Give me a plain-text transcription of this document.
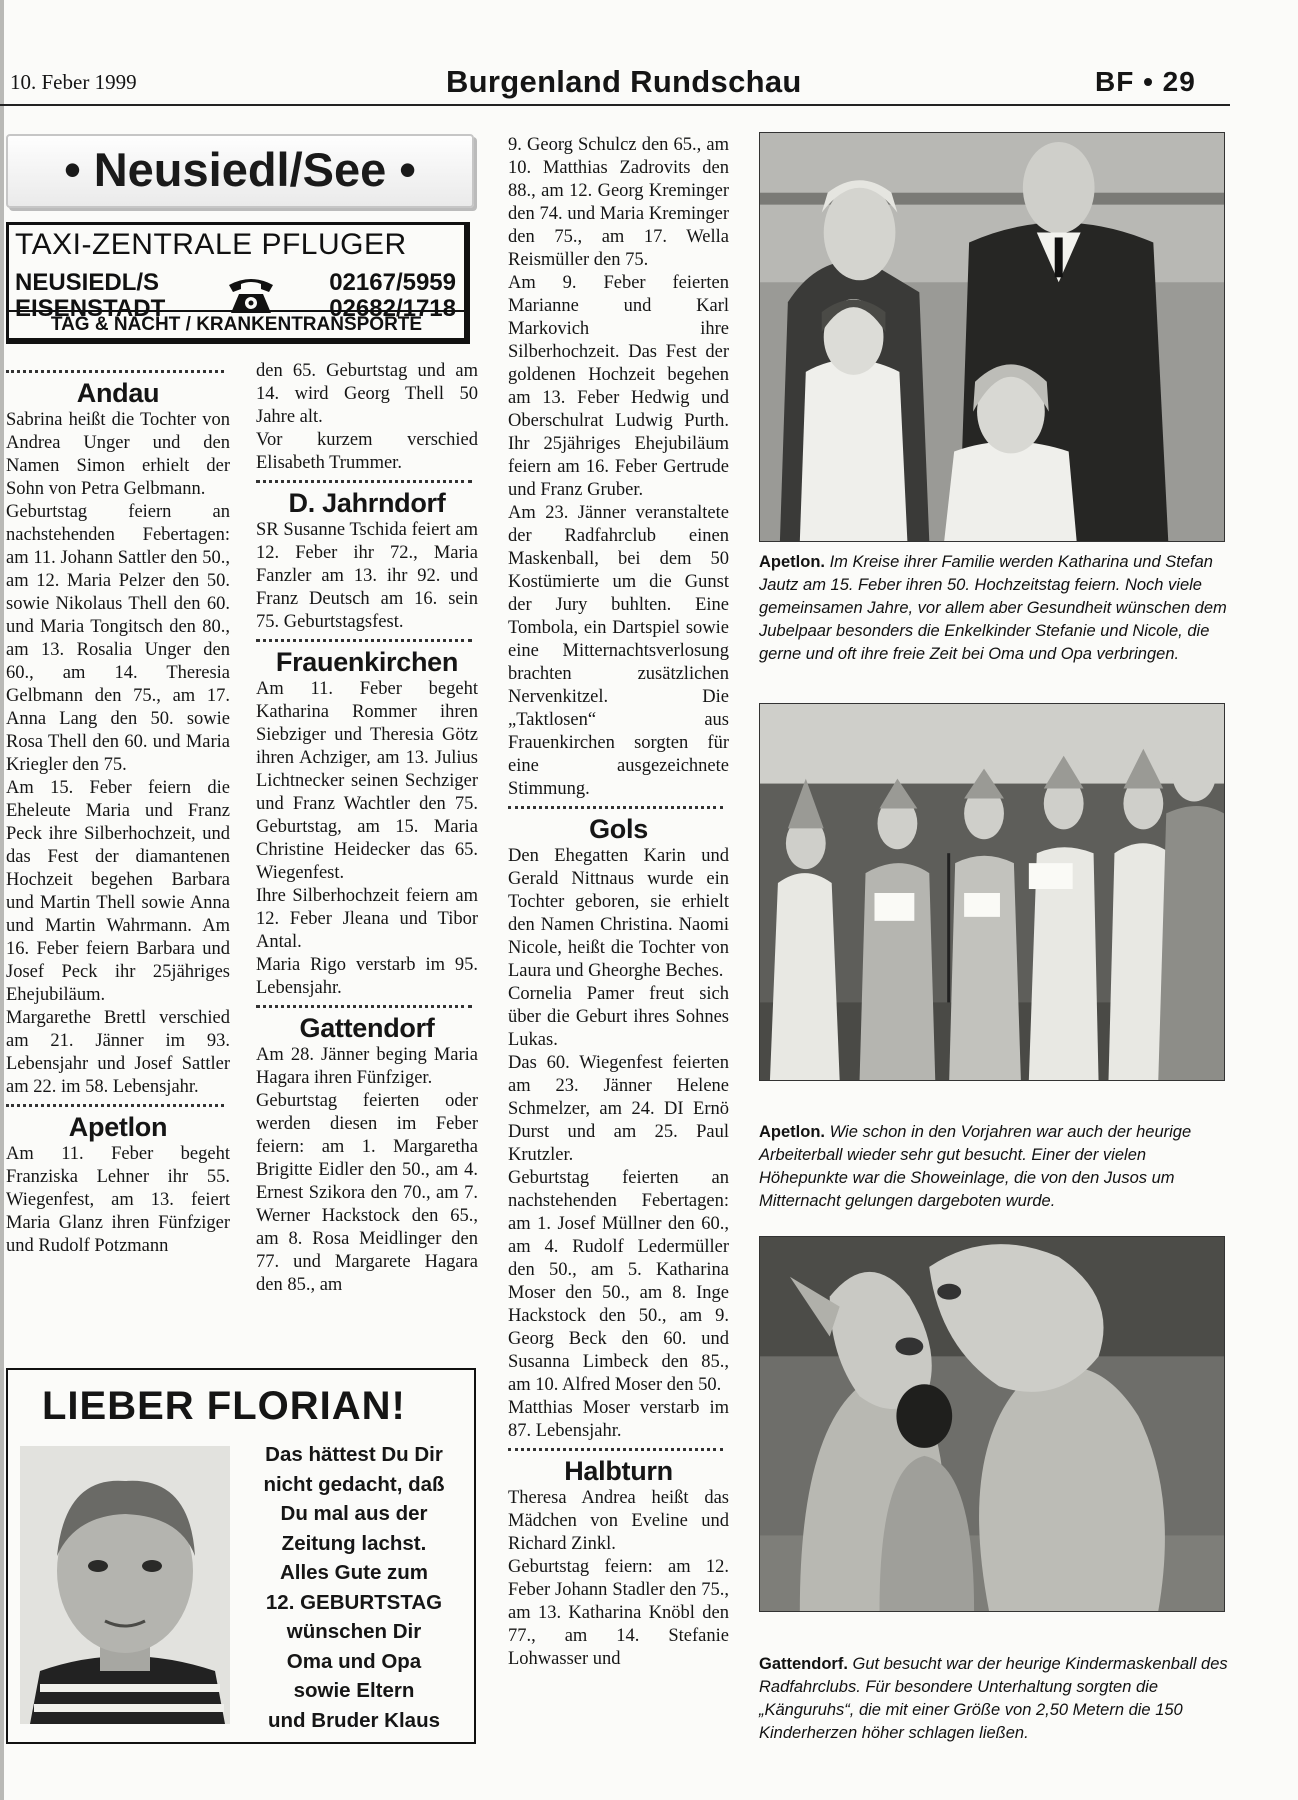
10. Feber 1999	Burgenland Rundschau	BF • 29
• Neusiedl/See •
TAXI-ZENTRALE PFLUGER
NEUSIEDL/S	02167/5959
EISENSTADT	02682/1718
TAG & NACHT / KRANKENTRANSPORTE
Andau

Sabrina heißt die Tochter von Andrea Unger und den Namen Simon erhielt der Sohn von Petra Gelbmann.

Geburtstag feiern an nachstehenden Febertagen: am 11. Johann Sattler den 50., am 12. Maria Pelzer den 50. sowie Nikolaus Thell den 60. und Maria Tongitsch den 80., am 13. Rosalia Unger den 60., am 14. Theresia Gelbmann den 75., am 17. Anna Lang den 50. sowie Rosa Thell den 60. und Maria Kriegler den 75.

Am 15. Feber feiern die Eheleute Maria und Franz Peck ihre Silberhochzeit, und das Fest der diamantenen Hochzeit begehen Barbara und Martin Thell sowie Anna und Martin Wahrmann. Am 16. Feber feiern Barbara und Josef Peck ihr 25jähriges Ehejubiläum.

Margarethe Brettl verschied am 21. Jänner im 93. Lebensjahr und Josef Sattler am 22. im 58. Lebensjahr.

Apetlon

Am 11. Feber begeht Franziska Lehner ihr 55. Wiegenfest, am 13. feiert Maria Glanz ihren Fünfziger und Rudolf Potzmann

den 65. Geburtstag und am 14. wird Georg Thell 50 Jahre alt.

Vor kurzem verschied Elisabeth Trummer.

D. Jahrndorf

SR Susanne Tschida feiert am 12. Feber ihr 72., Maria Fanzler am 13. ihr 92. und Franz Deutsch am 16. sein 75. Geburtstagsfest.

Frauenkirchen

Am 11. Feber begeht Katharina Rommer ihren Siebziger und Theresia Götz ihren Achziger, am 13. Julius Lichtnecker seinen Sechziger und Franz Wachtler den 75. Geburtstag, am 15. Maria Christine Heidecker das 65. Wiegenfest.

Ihre Silberhochzeit feiern am 12. Feber Jleana und Tibor Antal.

Maria Rigo verstarb im 95. Lebensjahr.

Gattendorf

Am 28. Jänner beging Maria Hagara ihren Fünfziger.

Geburtstag feierten oder werden diesen im Feber feiern: am 1. Margaretha Brigitte Eidler den 50., am 4. Ernest Szikora den 70., am 7. Werner Hackstock den 65., am 8. Rosa Meidlinger den 77. und Margarete Hagara den 85., am

9. Georg Schulcz den 65., am 10. Matthias Zadrovits den 88., am 12. Georg Kreminger den 74. und Maria Kreminger den 75., am 17. Wella Reismüller den 75.

Am 9. Feber feierten Marianne und Karl Markovich ihre Silberhochzeit. Das Fest der goldenen Hochzeit begehen am 13. Feber Hedwig und Oberschulrat Ludwig Purth. Ihr 25jähriges Ehejubiläum feiern am 16. Feber Gertrude und Franz Gruber.

Am 23. Jänner veranstaltete der Radfahrclub einen Maskenball, bei dem 50 Kostümierte um die Gunst der Jury buhlten. Eine Tombola, ein Dartspiel sowie eine Mitternachtsverlosung brachten zusätzlichen Nervenkitzel. Die „Taktlosen“ aus Frauenkirchen sorgten für eine ausgezeichnete Stimmung.

Gols

Den Ehegatten Karin und Gerald Nittnaus wurde ein Tochter geboren, sie erhielt den Namen Christina. Naomi Nicole, heißt die Tochter von Laura und Gheorghe Beches.

Cornelia Pamer freut sich über die Geburt ihres Sohnes Lukas.

Das 60. Wiegenfest feierten am 23. Jänner Helene Schmelzer, am 24. DI Ernö Durst und am 25. Paul Krutzler.

Geburtstag feierten an nachstehenden Febertagen: am 1. Josef Müllner den 60., am 4. Rudolf Ledermüller den 50., am 5. Katharina Moser den 50., am 8. Inge Hackstock den 50., am 9. Georg Beck den 60. und Susanna Limbeck den 85., am 10. Alfred Moser den 50.

Matthias Moser verstarb im 87. Lebensjahr.

Halbturn

Theresa Andrea heißt das Mädchen von Eveline und Richard Zinkl.

Geburtstag feiern: am 12. Feber Johann Stadler den 75., am 13. Katharina Knöbl den 77., am 14. Stefanie Lohwasser und

Apetlon. Im Kreise ihrer Familie werden Katharina und Stefan Jautz am 15. Feber ihren 50. Hochzeitstag feiern. Noch viele gemeinsamen Jahre, vor allem aber Gesundheit wünschen dem Jubelpaar besonders die Enkelkinder Stefanie und Nicole, die gerne und oft ihre freie Zeit bei Oma und Opa verbringen.
Apetlon. Wie schon in den Vorjahren war auch der heurige Arbeiterball wieder sehr gut besucht. Einer der vielen Höhepunkte war die Showeinlage, die von den Jusos um Mitternacht gelungen dargeboten wurde.
Gattendorf. Gut besucht war der heurige Kindermaskenball des Radfahrclubs. Für besondere Unterhaltung sorgten die „Känguruhs“, die mit einer Größe von 2,50 Metern die 150 Kinderherzen höher schlagen ließen.
LIEBER FLORIAN!
Das hättest Du Dir
nicht gedacht, daß
Du mal aus der
Zeitung lachst.
Alles Gute zum
12. GEBURTSTAG
wünschen Dir
Oma und Opa
sowie Eltern
und Bruder Klaus
